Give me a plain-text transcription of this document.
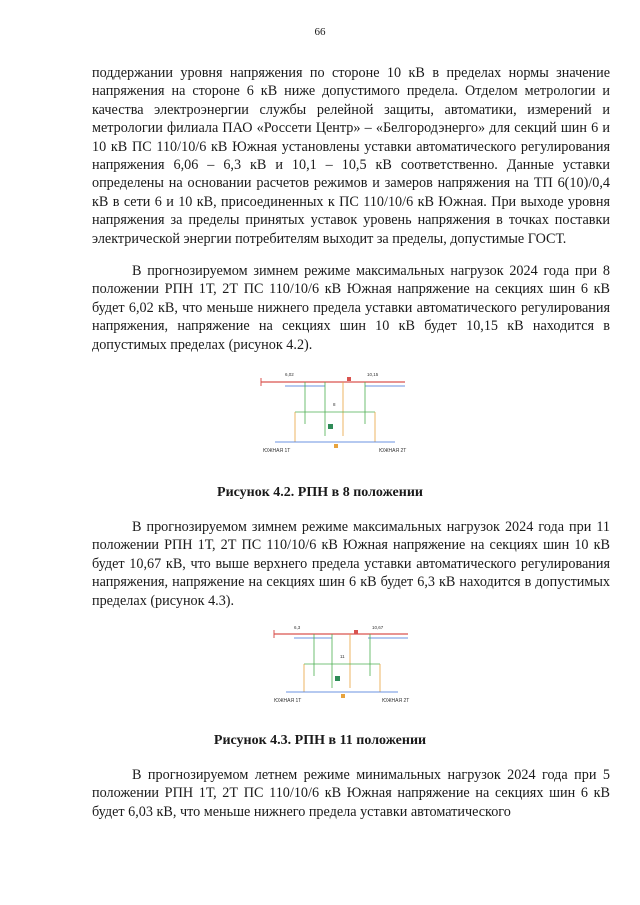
66

поддержании уровня напряжения по стороне 10 кВ в пределах нормы значение напряжения на стороне 6 кВ ниже допустимого предела. Отделом метрологии и качества электроэнергии службы релейной защиты, автоматики, измерений и метрологии филиала ПАО «Россети Центр» – «Белгородэнерго» для секций шин 6 и 10 кВ ПС 110/10/6 кВ Южная установлены уставки автоматического регулирования напряжения 6,06 – 6,3 кВ и 10,1 – 10,5 кВ соответственно. Данные уставки определены на основании расчетов режимов и замеров напряжения на ТП 6(10)/0,4 кВ в сети 6 и 10 кВ, присоединенных к ПС 110/10/6 кВ Южная. При выходе уровня напряжения за пределы принятых уставок уровень напряжения в точках поставки электрической энергии потребителям выходит за пределы, допустимые ГОСТ.

В прогнозируемом зимнем режиме максимальных нагрузок 2024 года при 8 положении РПН 1Т, 2Т ПС 110/10/6 кВ Южная напряжение на секциях шин 6 кВ будет 6,02 кВ, что меньше нижнего предела уставки автоматического регулирования напряжения, напряжение на секциях шин 10 кВ будет 10,15 кВ находится в допустимых пределах (рисунок 4.2).

ЮЖНАЯ 1Т	ЮЖНАЯ 2Т
6,02	10,15
8
Рисунок 4.2. РПН в 8 положении

В прогнозируемом зимнем режиме максимальных нагрузок 2024 года при 11 положении РПН 1Т, 2Т ПС 110/10/6 кВ Южная напряжение на секциях шин 10 кВ будет 10,67 кВ, что выше верхнего предела уставки автоматического регулирования напряжения, напряжение на секциях шин 6 кВ будет 6,3 кВ находится в допустимых пределах (рисунок 4.3).

ЮЖНАЯ 1Т	ЮЖНАЯ 2Т
6,3	10,67
11
Рисунок 4.3. РПН в 11 положении

В прогнозируемом летнем режиме минимальных нагрузок 2024 года при 5 положении РПН 1Т, 2Т ПС 110/10/6 кВ Южная напряжение на секциях шин 6 кВ будет 6,03 кВ, что меньше нижнего предела уставки автоматического
